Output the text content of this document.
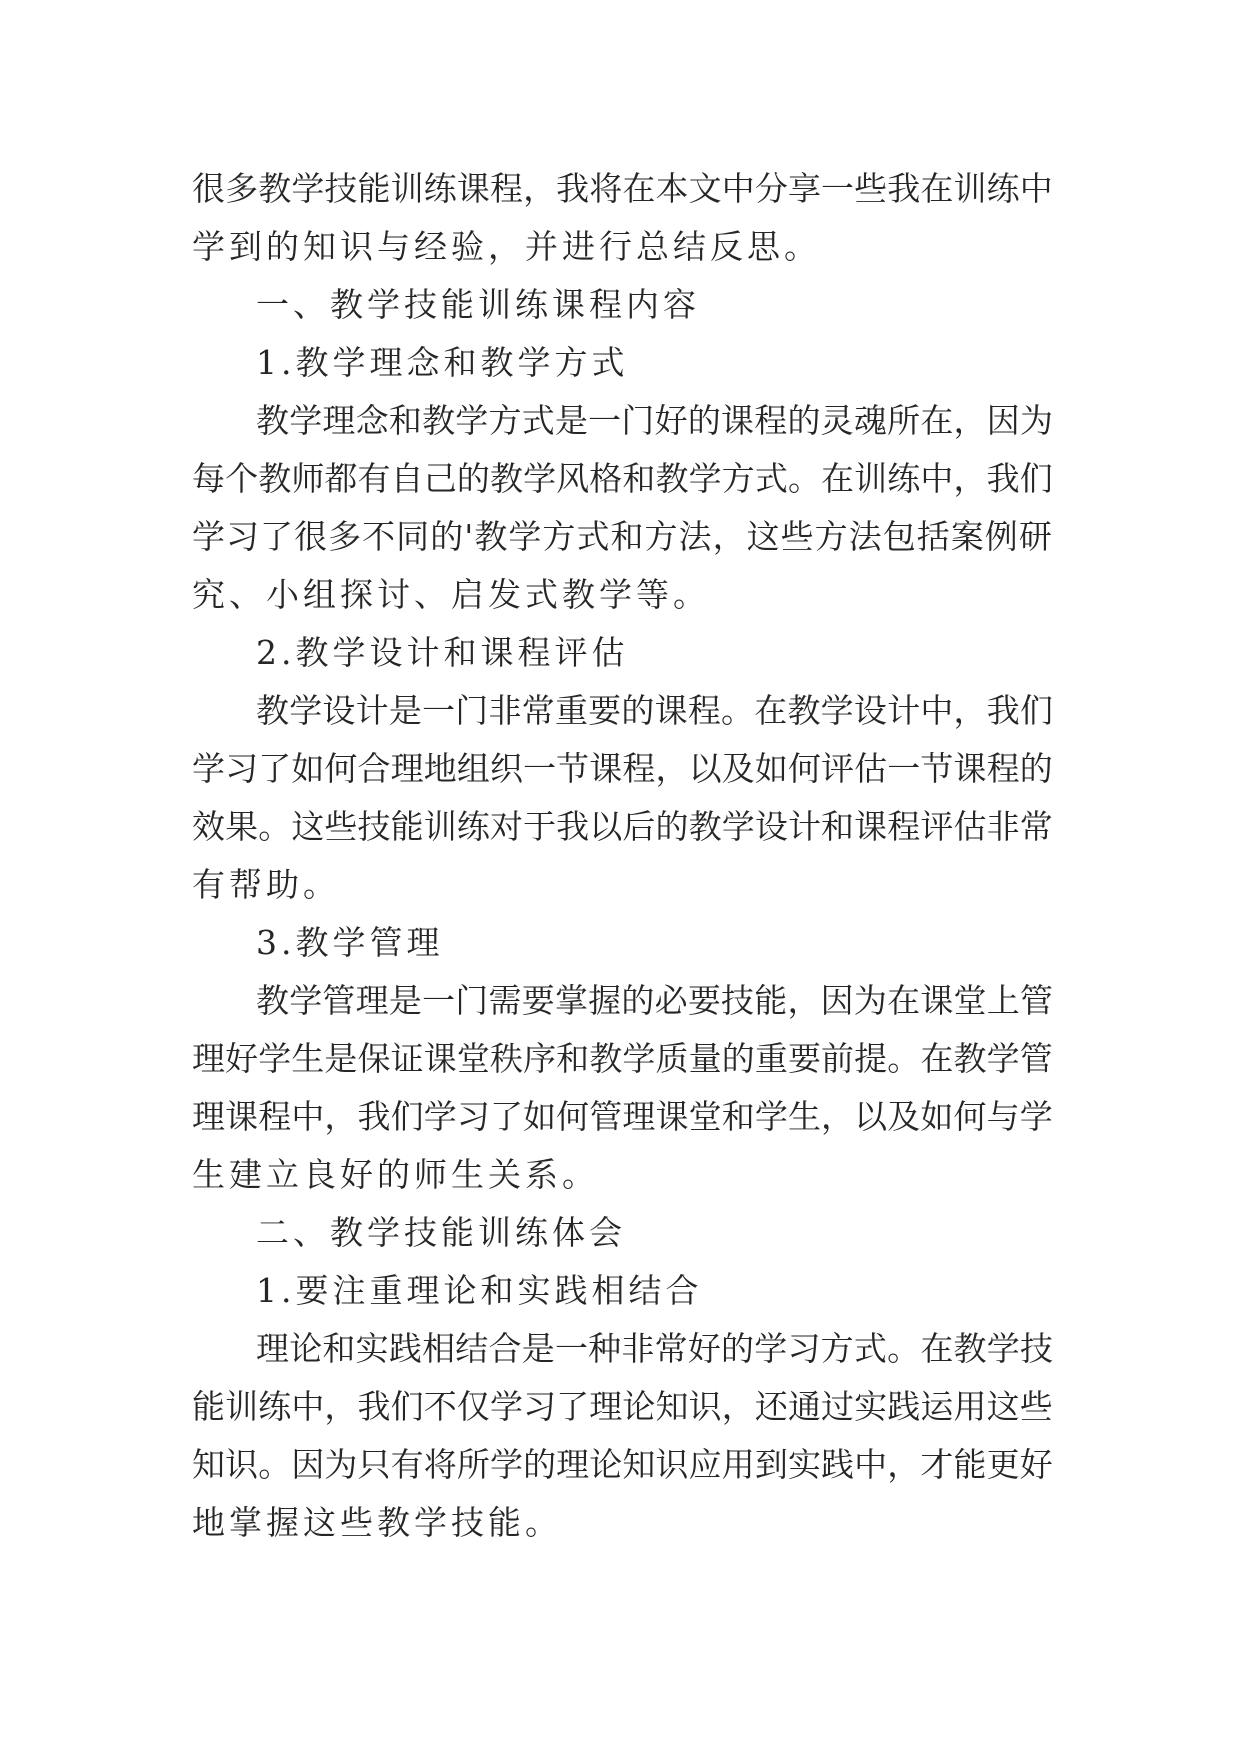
很多教学技能训练课程，我将在本文中分享一些我在训练中
学到的知识与经验，并进行总结反思。
一、教学技能训练课程内容
1.教学理念和教学方式
教学理念和教学方式是一门好的课程的灵魂所在，因为
每个教师都有自己的教学风格和教学方式。在训练中，我们
学习了很多不同的'教学方式和方法，这些方法包括案例研
究、小组探讨、启发式教学等。
2.教学设计和课程评估
教学设计是一门非常重要的课程。在教学设计中，我们
学习了如何合理地组织一节课程，以及如何评估一节课程的
效果。这些技能训练对于我以后的教学设计和课程评估非常
有帮助。
3.教学管理
教学管理是一门需要掌握的必要技能，因为在课堂上管
理好学生是保证课堂秩序和教学质量的重要前提。在教学管
理课程中，我们学习了如何管理课堂和学生，以及如何与学
生建立良好的师生关系。
二、教学技能训练体会
1.要注重理论和实践相结合
理论和实践相结合是一种非常好的学习方式。在教学技
能训练中，我们不仅学习了理论知识，还通过实践运用这些
知识。因为只有将所学的理论知识应用到实践中，才能更好
地掌握这些教学技能。
